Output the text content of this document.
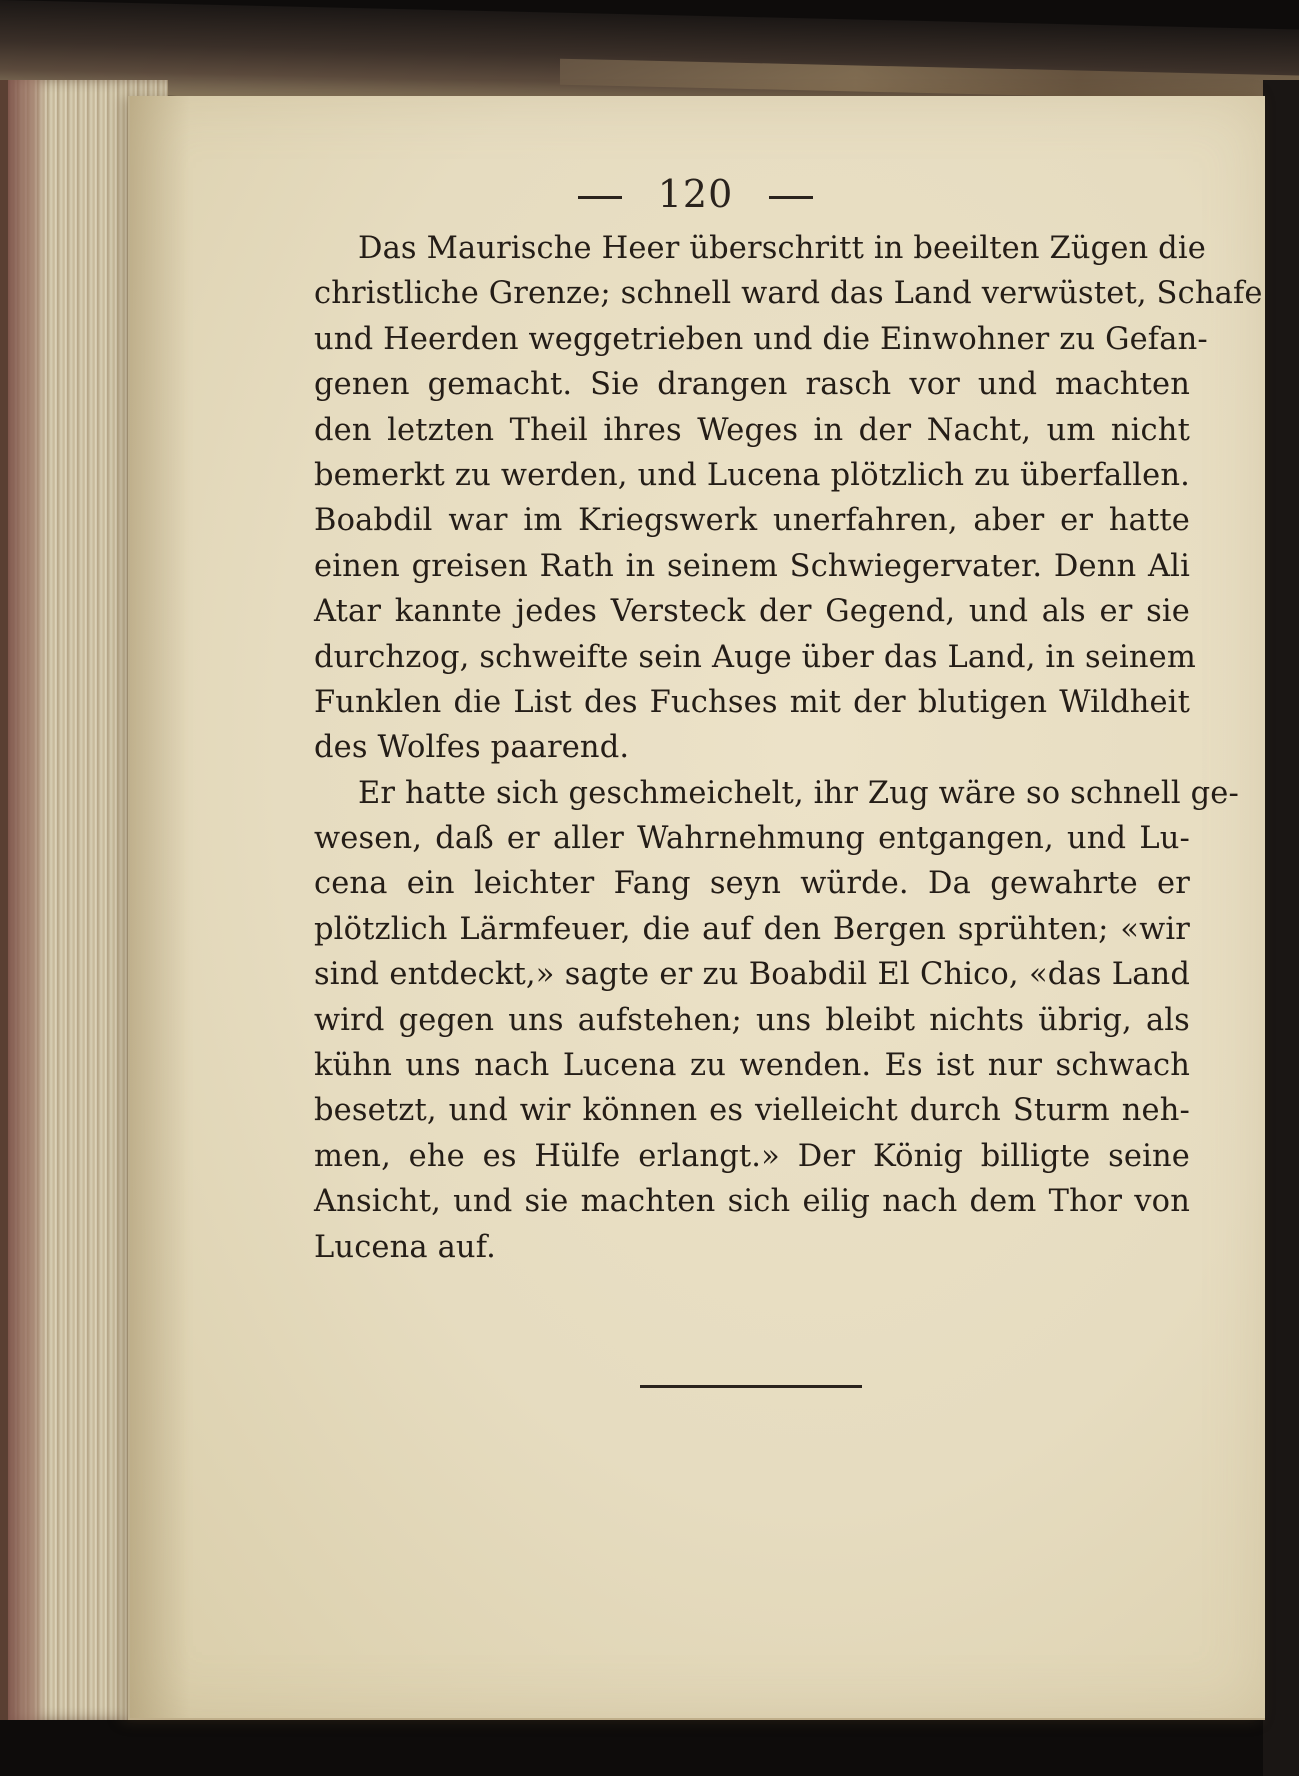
120
Das Maurische Heer überschritt in beeilten Zügen die
christliche Grenze; schnell ward das Land verwüstet, Schafe
und Heerden weggetrieben und die Einwohner zu Gefan-
genen gemacht. Sie drangen rasch vor und machten
den letzten Theil ihres Weges in der Nacht, um nicht
bemerkt zu werden, und Lucena plötzlich zu überfallen.
Boabdil war im Kriegswerk unerfahren, aber er hatte
einen greisen Rath in seinem Schwiegervater. Denn Ali
Atar kannte jedes Versteck der Gegend, und als er sie
durchzog, schweifte sein Auge über das Land, in seinem
Funklen die List des Fuchses mit der blutigen Wildheit
des Wolfes paarend.
Er hatte sich geschmeichelt, ihr Zug wäre so schnell ge-
wesen, daß er aller Wahrnehmung entgangen, und Lu-
cena ein leichter Fang seyn würde. Da gewahrte er
plötzlich Lärmfeuer, die auf den Bergen sprühten; «wir
sind entdeckt,» sagte er zu Boabdil El Chico, «das Land
wird gegen uns aufstehen; uns bleibt nichts übrig, als
kühn uns nach Lucena zu wenden. Es ist nur schwach
besetzt, und wir können es vielleicht durch Sturm neh-
men, ehe es Hülfe erlangt.» Der König billigte seine
Ansicht, und sie machten sich eilig nach dem Thor von
Lucena auf.
